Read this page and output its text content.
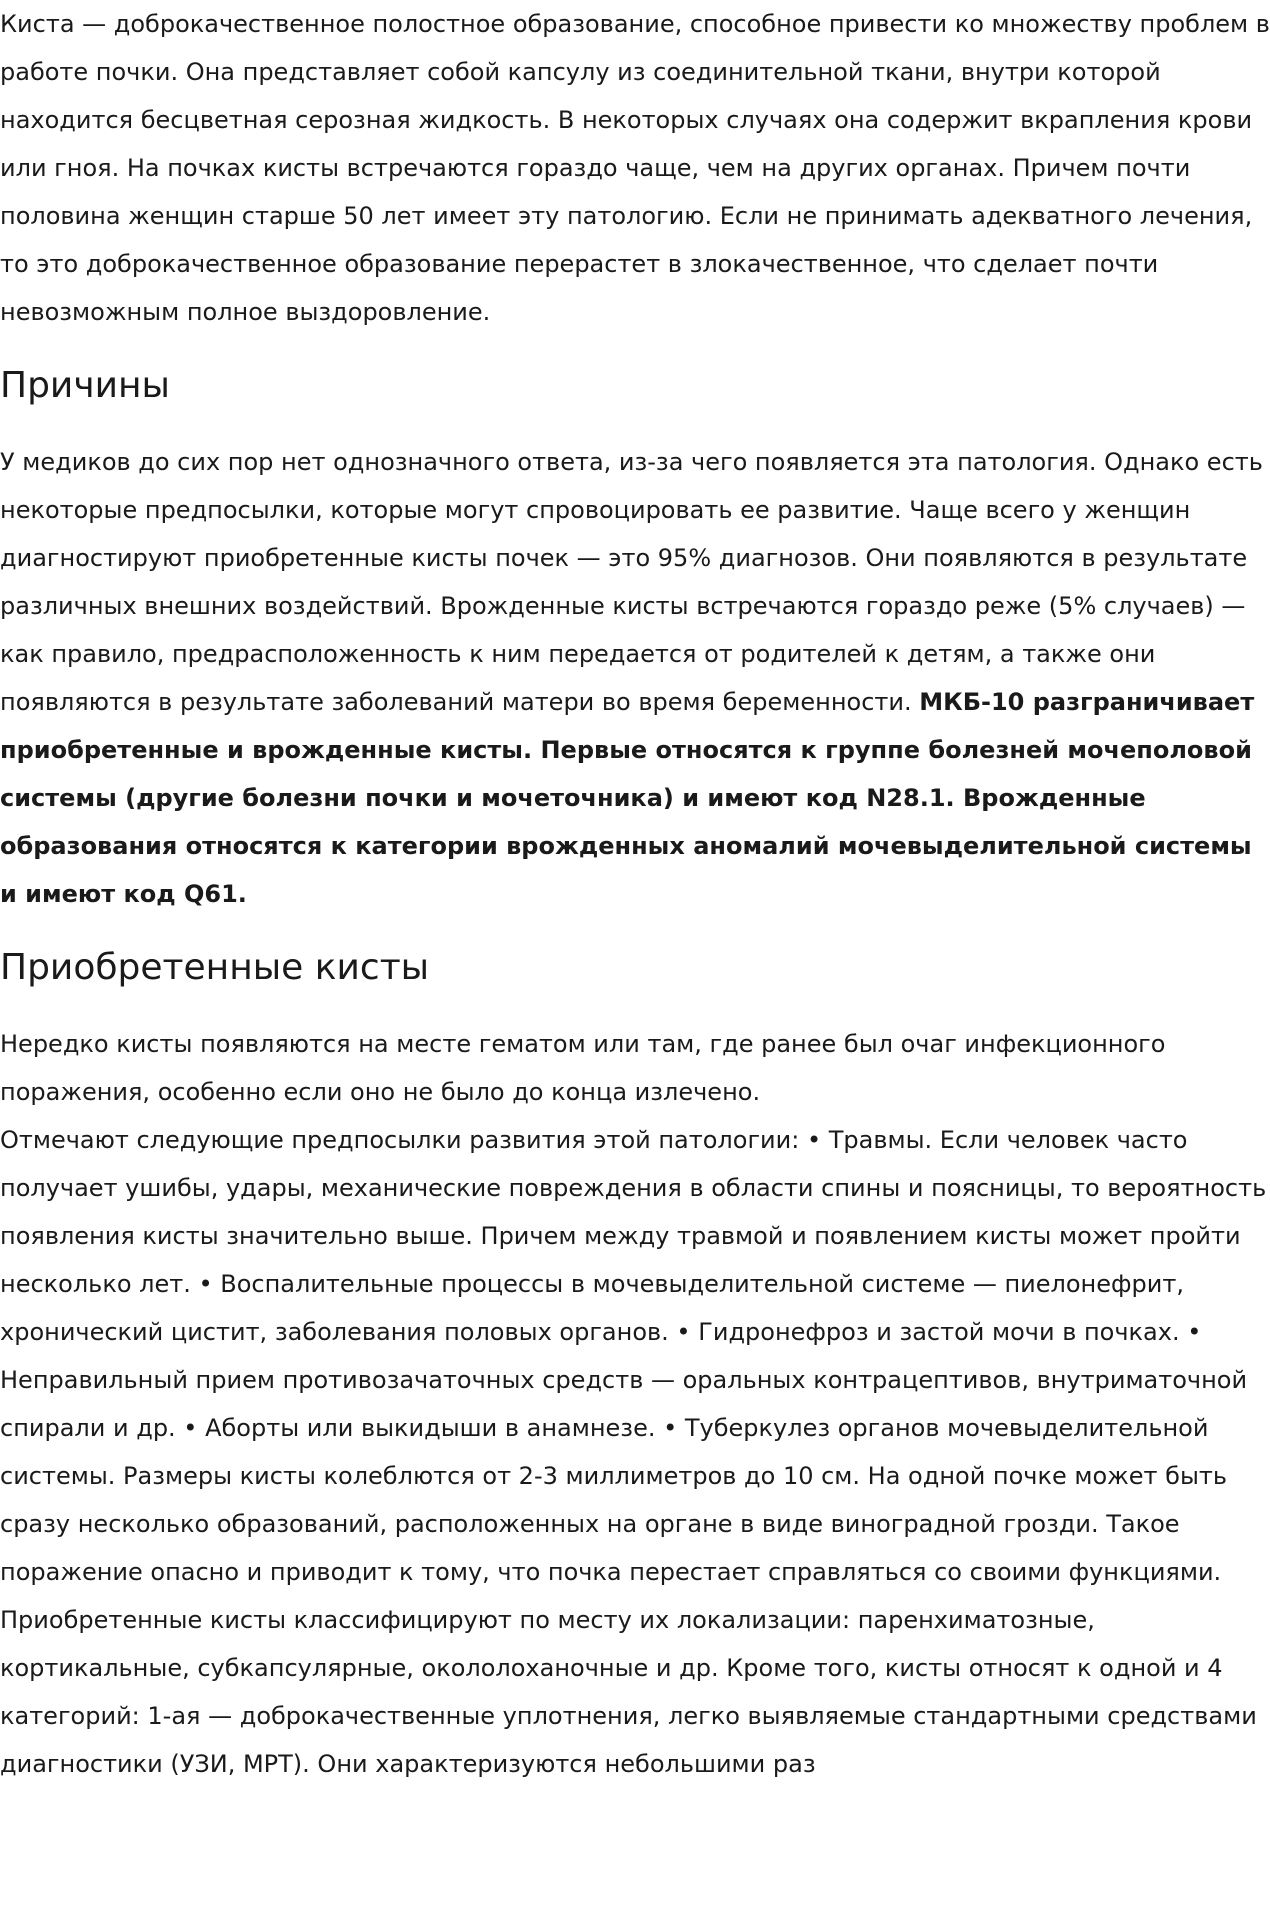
Киста — доброкачественное полостное образование, способное привести ко множеству проблем в работе почки. Она представляет собой капсулу из соединительной ткани, внутри которой находится бесцветная серозная жидкость. В некоторых случаях она содержит вкрапления крови или гноя. На почках кисты встречаются гораздо чаще, чем на других органах. Причем почти половина женщин старше 50 лет имеет эту патологию. Если не принимать адекватного лечения, то это доброкачественное образование перерастет в злокачественное, что сделает почти невозможным полное выздоровление.

Причины

У медиков до сих пор нет однозначного ответа, из-за чего появляется эта патология. Однако есть некоторые предпосылки, которые могут спровоцировать ее развитие. Чаще всего у женщин диагностируют приобретенные кисты почек — это 95% диагнозов. Они появляются в результате различных внешних воздействий. Врожденные кисты встречаются гораздо реже (5% случаев) — как правило, предрасположенность к ним передается от родителей к детям, а также они появляются в результате заболеваний матери во время беременности. МКБ-10 разграничивает приобретенные и врожденные кисты. Первые относятся к группе болезней мочеполовой системы (другие болезни почки и мочеточника) и имеют код N28.1. Врожденные образования относятся к категории врожденных аномалий мочевыделительной системы и имеют код Q61.

Приобретенные кисты

Нередко кисты появляются на месте гематом или там, где ранее был очаг инфекционного поражения, особенно если оно не было до конца излечено.

Отмечают следующие предпосылки развития этой патологии: • Травмы. Если человек часто получает ушибы, удары, механические повреждения в области спины и поясницы, то вероятность появления кисты значительно выше. Причем между травмой и появлением кисты может пройти несколько лет. • Воспалительные процессы в мочевыделительной системе — пиелонефрит, хронический цистит, заболевания половых органов. • Гидронефроз и застой мочи в почках. • Неправильный прием противозачаточных средств — оральных контрацептивов, внутриматочной спирали и др. • Аборты или выкидыши в анамнезе. • Туберкулез органов мочевыделительной системы. Размеры кисты колеблются от 2-3 миллиметров до 10 см. На одной почке может быть сразу несколько образований, расположенных на органе в виде виноградной грозди. Такое поражение опасно и приводит к тому, что почка перестает справляться со своими функциями. Приобретенные кисты классифицируют по месту их локализации: паренхиматозные, кортикальные, субкапсулярные, окололоханочные и др. Кроме того, кисты относят к одной и 4 категорий: 1-ая — доброкачественные уплотнения, легко выявляемые стандартными средствами диагностики (УЗИ, МРТ). Они характеризуются небольшими раз
